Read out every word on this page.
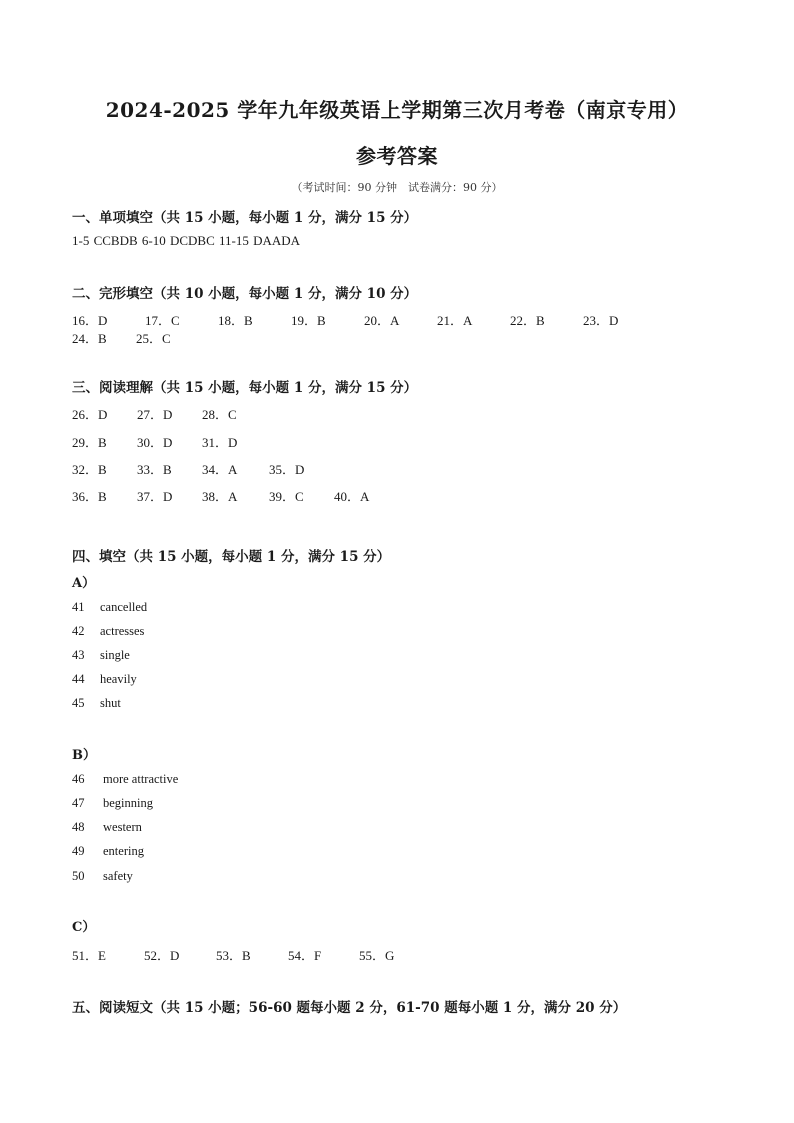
2024-2025 学年九年级英语上学期第三次月考卷（南京专用）
参考答案
（考试时间：90 分钟　试卷满分：90 分）
一、单项填空（共 15 小题，每小题 1 分，满分 15 分）
1-5 CCBDB 6-10 DCDBC 11-15 DAADA
二、完形填空（共 10 小题，每小题 1 分，满分 10 分）
16．D	17．C	18．B	19．B	20．A	21．A	22．B	23．D
24．B 25．C
三、阅读理解（共 15 小题，每小题 1 分，满分 15 分）
26．D 27．D 28．C
29．B 30．D 31．D
32．B 33．B 34．A 35．D
36．B 37．D 38．A 39．C 40．A
四、填空（共 15 小题，每小题 1 分，满分 15 分）
A）
41 cancelled
42 actresses
43 single
44 heavily
45 shut
B）
46 more attractive
47 beginning
48 western
49 entering
50 safety
C）
51．E	52．D	53．B	54．F	55．G
五、阅读短文（共 15 小题；56-60 题每小题 2 分，61-70 题每小题 1 分，满分 20 分）
